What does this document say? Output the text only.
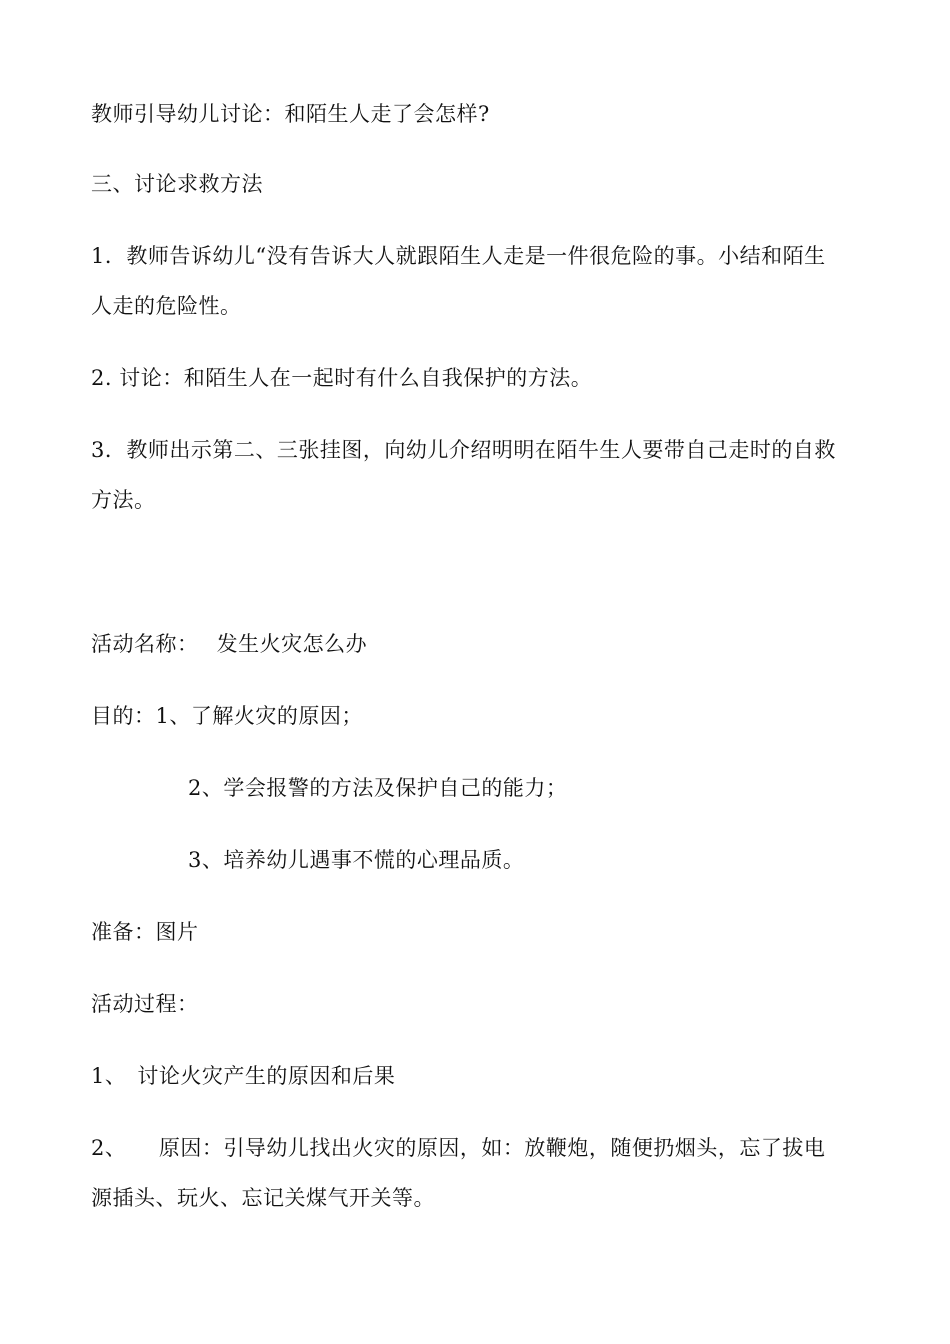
教师引导幼儿讨论：和陌生人走了会怎样?
三、讨论求救方法
1．教师告诉幼儿“没有告诉大人就跟陌生人走是一件很危险的事。小结和陌生
人走的危险性。
2. 讨论：和陌生人在一起时有什么自我保护的方法。
3．教师出示第二、三张挂图，向幼儿介绍明明在陌牛生人要带自己走时的自救
方法。
活动名称：　 发生火灾怎么办
目的：1、了解火灾的原因；
2、学会报警的方法及保护自己的能力；
3、培养幼儿遇事不慌的心理品质。
准备：图片
活动过程：
1、　讨论火灾产生的原因和后果
2、　　原因：引导幼儿找出火灾的原因，如：放鞭炮，随便扔烟头，忘了拔电
源插头、玩火、忘记关煤气开关等。
